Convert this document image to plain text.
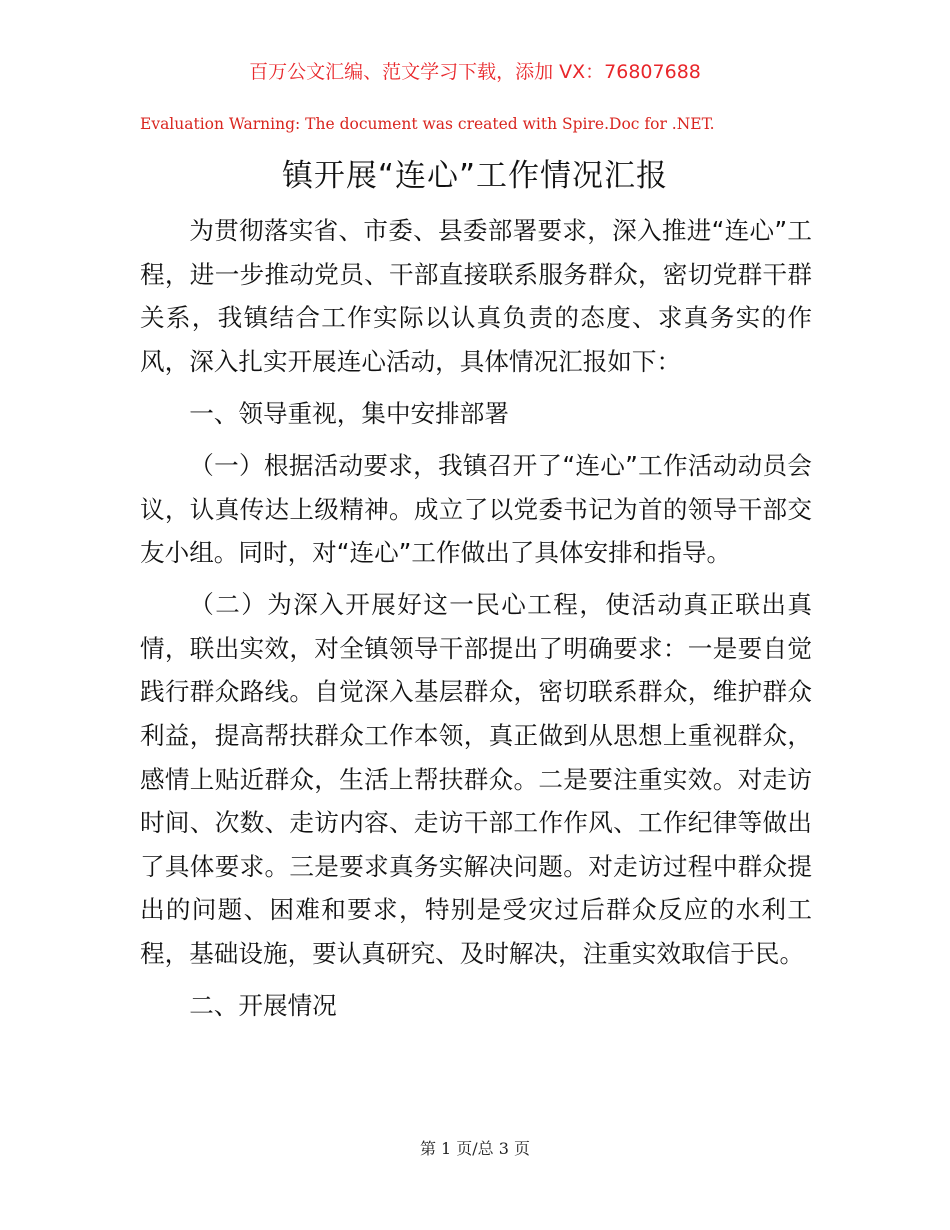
百万公文汇编、范文学习下载，添加 VX：76807688
Evaluation Warning: The document was created with Spire.Doc for .NET.
镇开展“连心”工作情况汇报

为贯彻落实省、市委、县委部署要求，深入推进“连心”工程，进一步推动党员、干部直接联系服务群众，密切党群干群关系，我镇结合工作实际以认真负责的态度、求真务实的作风，深入扎实开展连心活动，具体情况汇报如下：

一、领导重视，集中安排部署

（一）根据活动要求，我镇召开了“连心”工作活动动员会议，认真传达上级精神。成立了以党委书记为首的领导干部交友小组。同时，对“连心”工作做出了具体安排和指导。

（二）为深入开展好这一民心工程，使活动真正联出真情，联出实效，对全镇领导干部提出了明确要求：一是要自觉践行群众路线。自觉深入基层群众，密切联系群众，维护群众利益，提高帮扶群众工作本领，真正做到从思想上重视群众，感情上贴近群众，生活上帮扶群众。二是要注重实效。对走访时间、次数、走访内容、走访干部工作作风、工作纪律等做出了具体要求。三是要求真务实解决问题。对走访过程中群众提出的问题、困难和要求，特别是受灾过后群众反应的水利工程，基础设施，要认真研究、及时解决，注重实效取信于民。

二、开展情况

第 1 页/总 3 页
